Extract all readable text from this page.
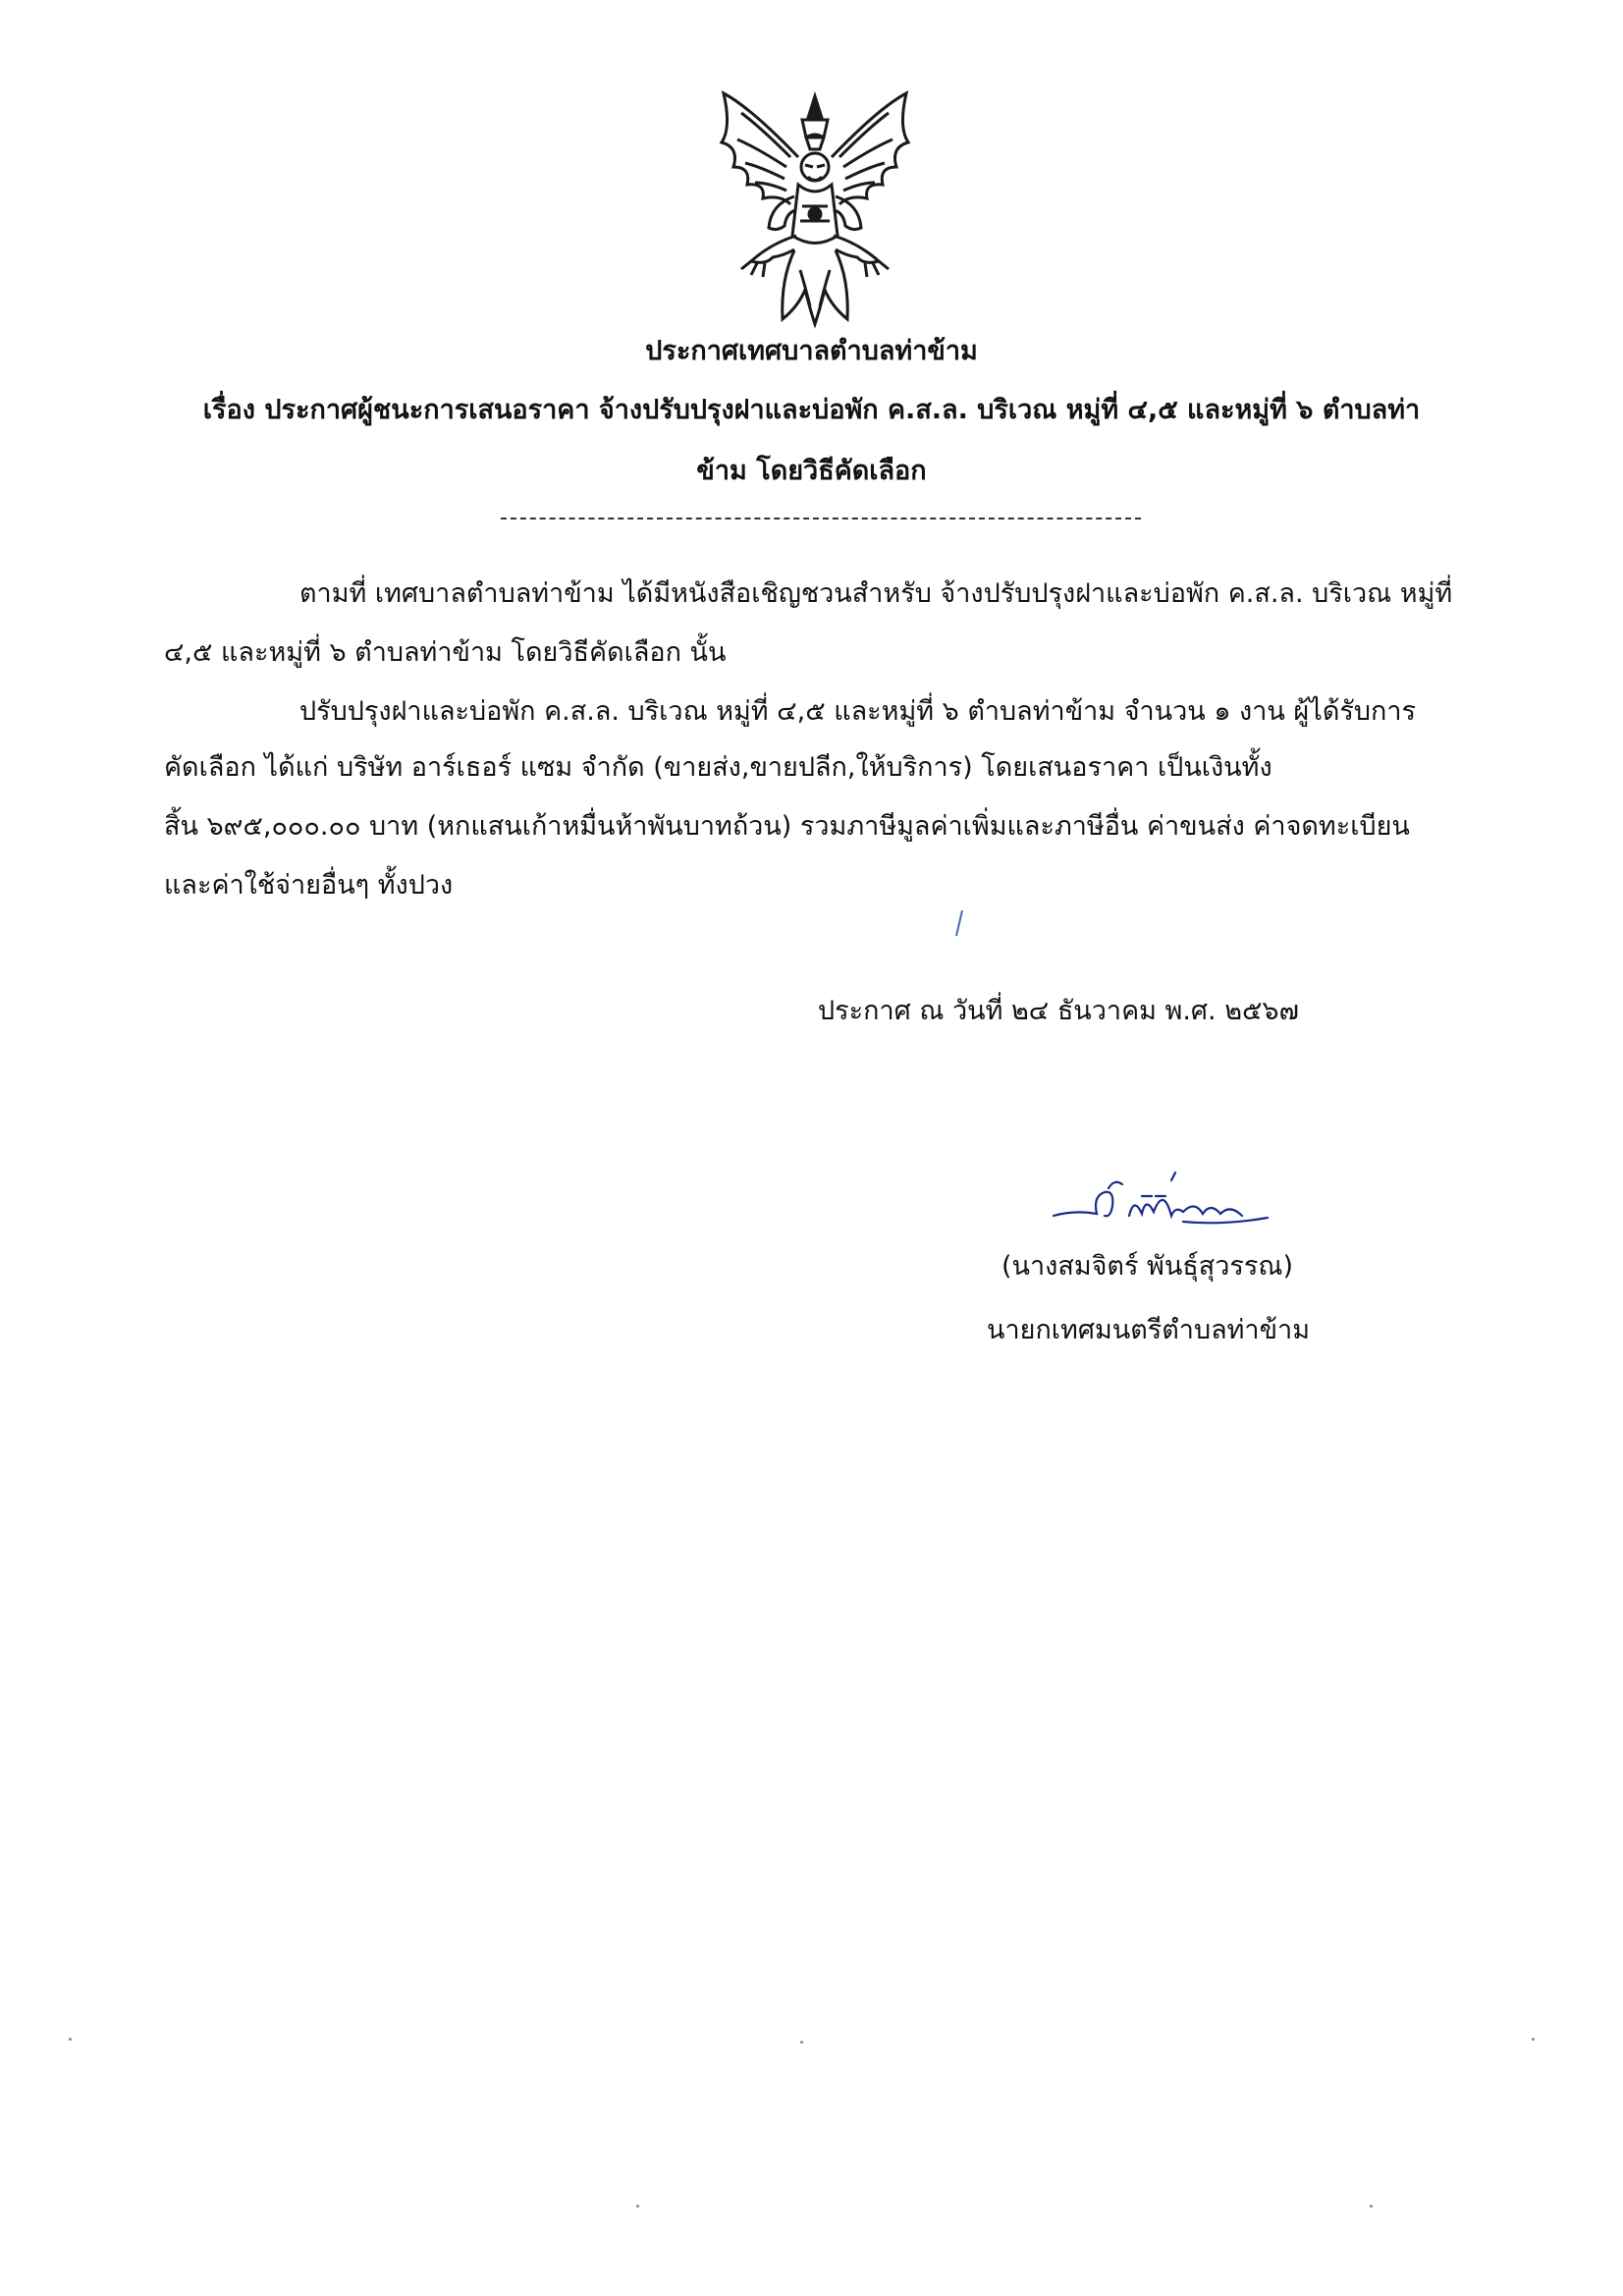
ประกาศเทศบาลตำบลท่าข้าม
เรื่อง ประกาศผู้ชนะการเสนอราคา จ้างปรับปรุงฝาและบ่อพัก ค.ส.ล. บริเวณ หมู่ที่ ๔,๕ และหมู่ที่ ๖ ตำบลท่า
ข้าม โดยวิธีคัดเลือก
ตามที่ เทศบาลตำบลท่าข้าม ได้มีหนังสือเชิญชวนสำหรับ จ้างปรับปรุงฝาและบ่อพัก ค.ส.ล. บริเวณ หมู่ที่
๔,๕ และหมู่ที่ ๖ ตำบลท่าข้าม โดยวิธีคัดเลือก นั้น
ปรับปรุงฝาและบ่อพัก ค.ส.ล. บริเวณ หมู่ที่ ๔,๕ และหมู่ที่ ๖ ตำบลท่าข้าม จำนวน ๑ งาน ผู้ได้รับการ
คัดเลือก ได้แก่ บริษัท อาร์เธอร์ แซม จำกัด (ขายส่ง,ขายปลีก,ให้บริการ) โดยเสนอราคา เป็นเงินทั้ง
สิ้น ๖๙๕,๐๐๐.๐๐ บาท (หกแสนเก้าหมื่นห้าพันบาทถ้วน) รวมภาษีมูลค่าเพิ่มและภาษีอื่น ค่าขนส่ง ค่าจดทะเบียน
และค่าใช้จ่ายอื่นๆ ทั้งปวง
ประกาศ ณ วันที่ ๒๔ ธันวาคม พ.ศ. ๒๕๖๗
(นางสมจิตร์ พันธุ์สุวรรณ)
นายกเทศมนตรีตำบลท่าข้าม
